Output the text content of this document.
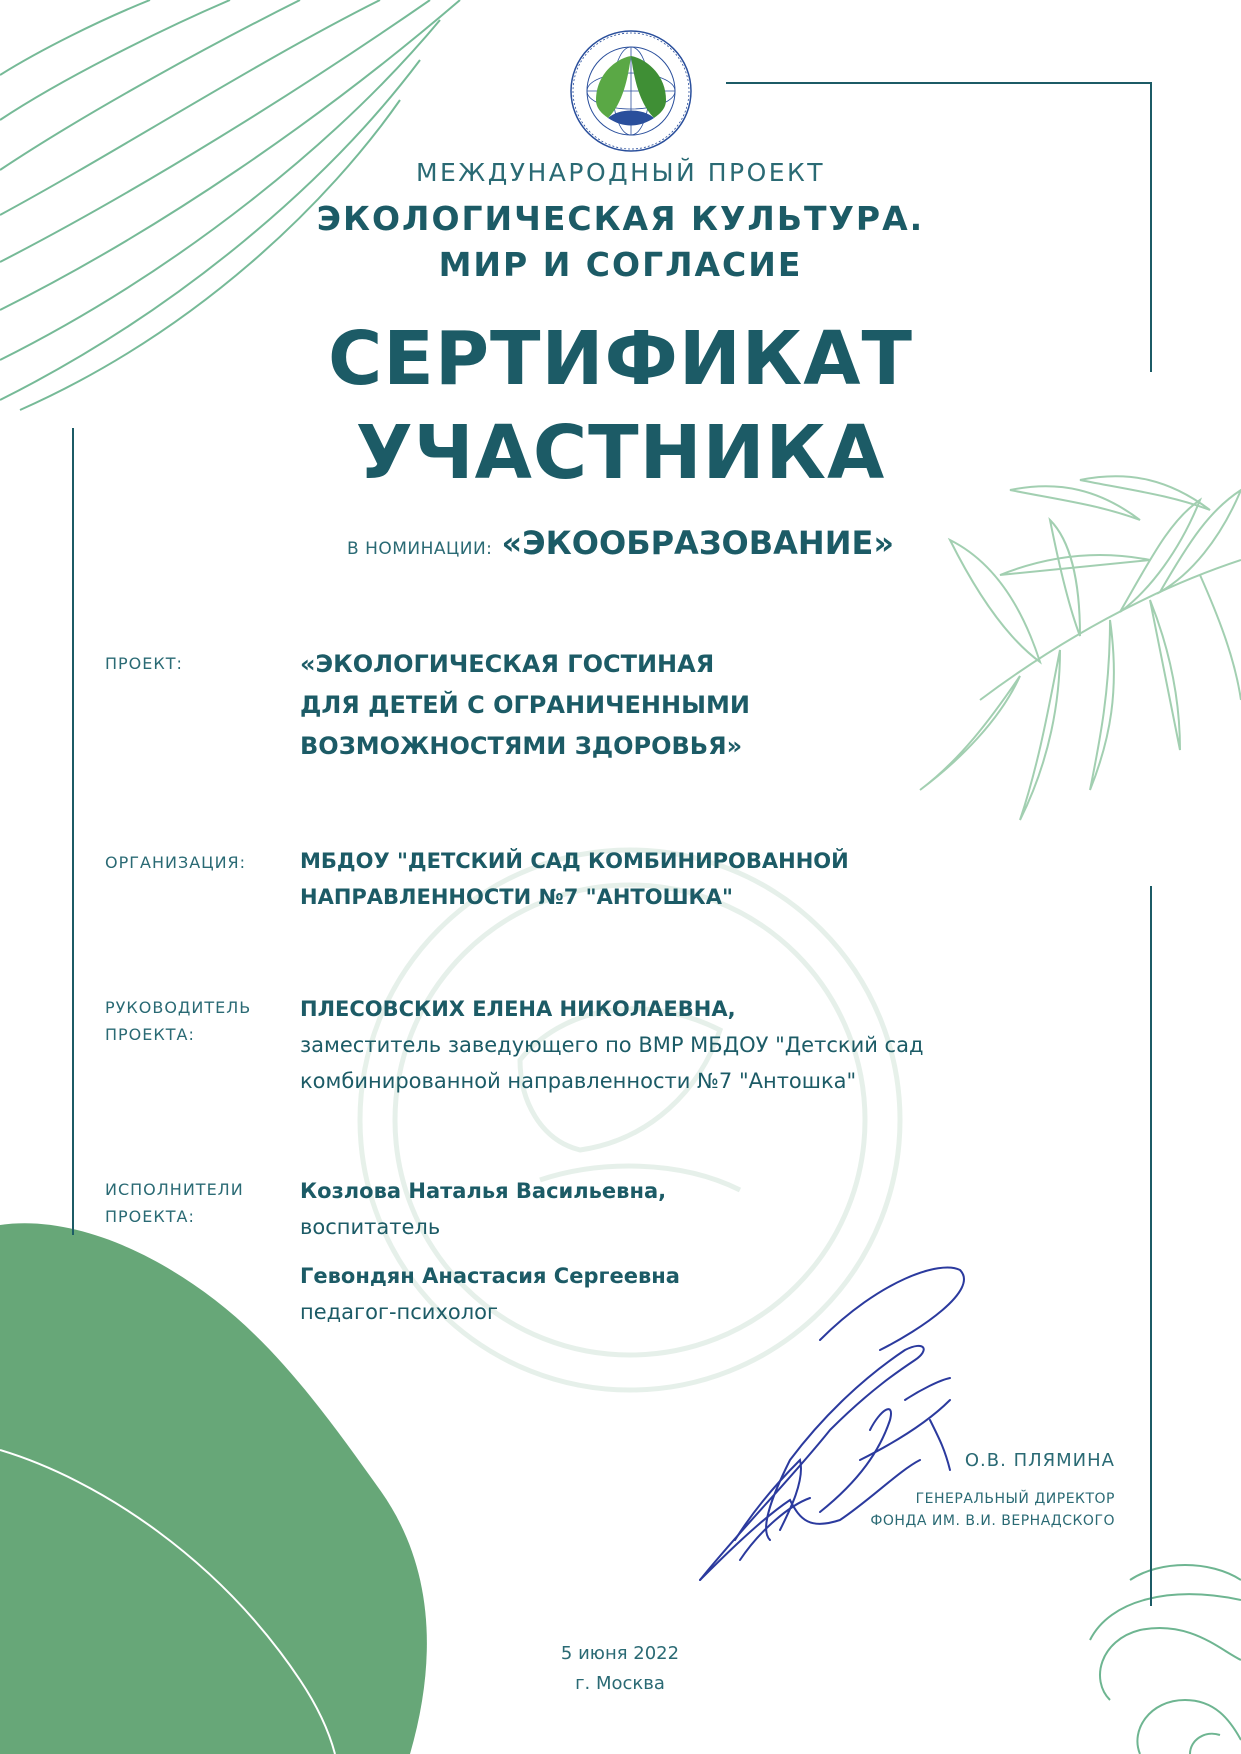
МЕЖДУНАРОДНЫЙ ПРОЕКТ
ЭКОЛОГИЧЕСКАЯ КУЛЬТУРА.
МИР И СОГЛАСИЕ
СЕРТИФИКАТ
УЧАСТНИКА
В НОМИНАЦИИ: «ЭКООБРАЗОВАНИЕ»
ПРОЕКТ:	«ЭКОЛОГИЧЕСКАЯ ГОСТИНАЯ
ДЛЯ ДЕТЕЙ С ОГРАНИЧЕННЫМИ
ВОЗМОЖНОСТЯМИ ЗДОРОВЬЯ»
ОРГАНИЗАЦИЯ:	МБДОУ "ДЕТСКИЙ САД КОМБИНИРОВАННОЙ
НАПРАВЛЕННОСТИ №7 "АНТОШКА"
РУКОВОДИТЕЛЬ
ПРОЕКТА:
ПЛЕСОВСКИХ ЕЛЕНА НИКОЛАЕВНА,
заместитель заведующего по ВМР МБДОУ "Детский сад
комбинированной направленности №7 "Антошка"
ИСПОЛНИТЕЛИ
ПРОЕКТА:
Козлова Наталья Васильевна,
воспитатель
Гевондян Анастасия Сергеевна
педагог-психолог
О.В. ПЛЯМИНА
ГЕНЕРАЛЬНЫЙ ДИРЕКТОР
ФОНДА ИМ. В.И. ВЕРНАДСКОГО
5 июня 2022
г. Москва
